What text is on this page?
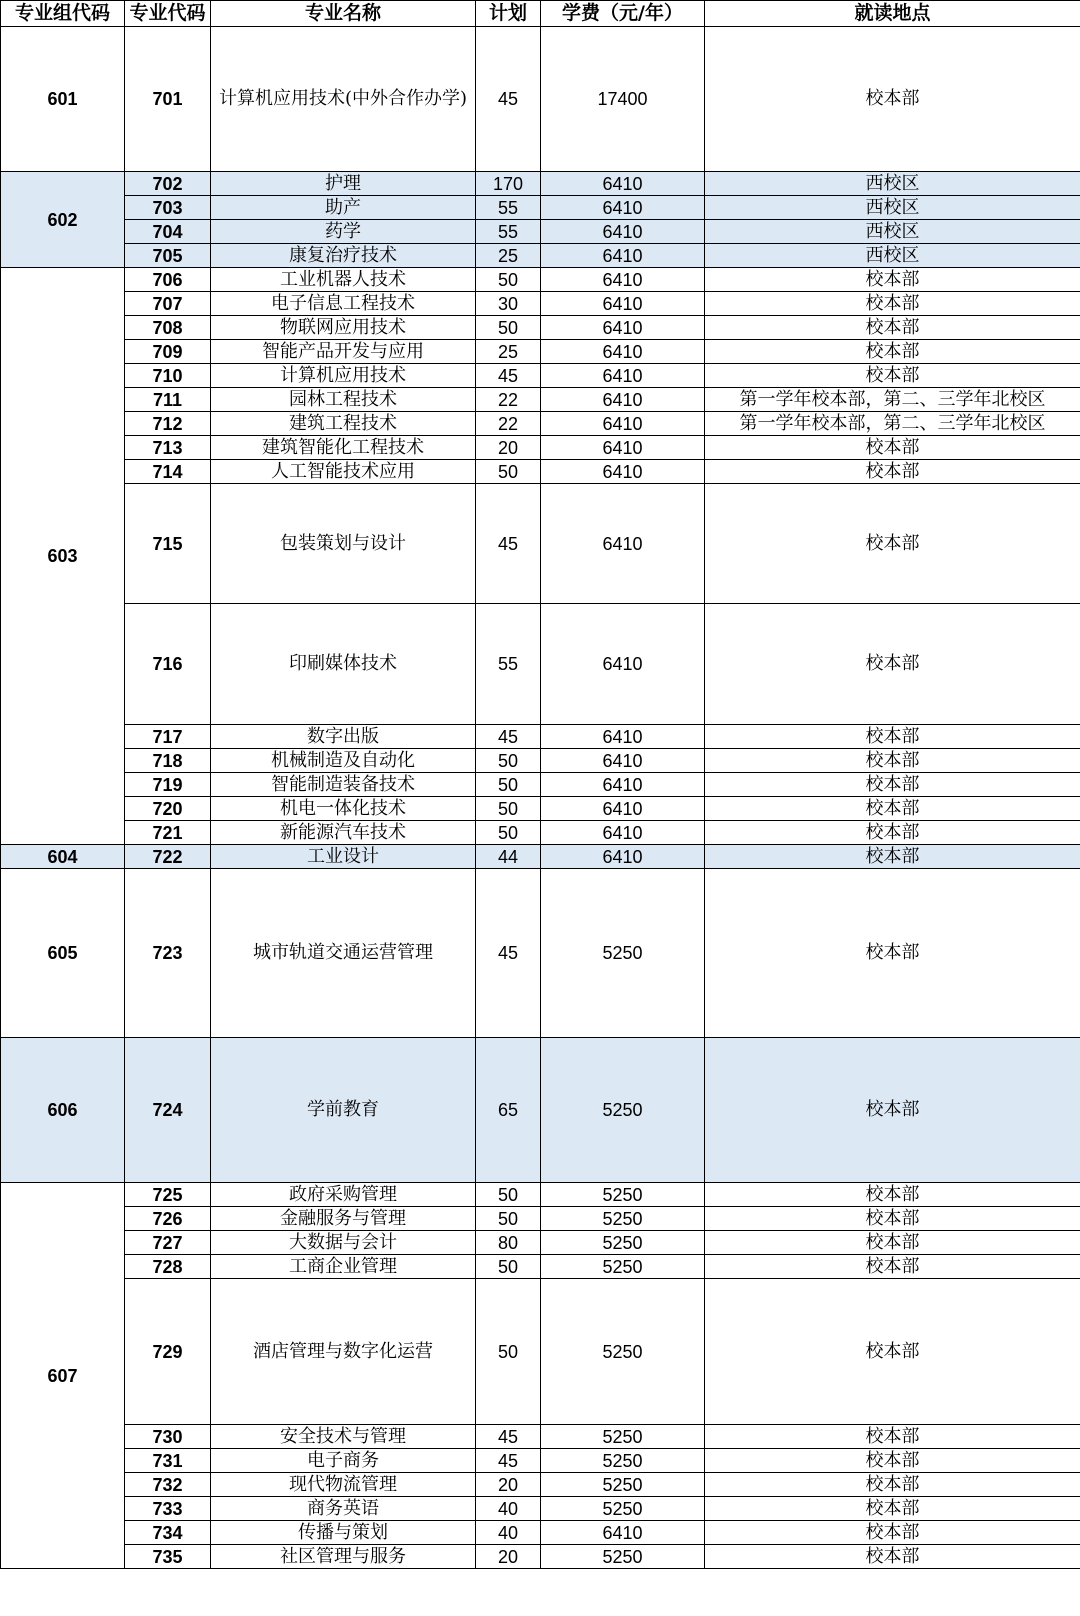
专业组代码	专业代码	专业名称	计划	学费（元/年）	就读地点
601	701	计算机应用技术(中外合作办学)	45	17400	校本部
602	702	护理	170	6410	西校区
	703	助产	55	6410	西校区
	704	药学	55	6410	西校区
	705	康复治疗技术	25	6410	西校区
603	706	工业机器人技术	50	6410	校本部
	707	电子信息工程技术	30	6410	校本部
	708	物联网应用技术	50	6410	校本部
	709	智能产品开发与应用	25	6410	校本部
	710	计算机应用技术	45	6410	校本部
	711	园林工程技术	22	6410	第一学年校本部，第二、三学年北校区
	712	建筑工程技术	22	6410	第一学年校本部，第二、三学年北校区
	713	建筑智能化工程技术	20	6410	校本部
	714	人工智能技术应用	50	6410	校本部
	715	包装策划与设计	45	6410	校本部
	716	印刷媒体技术	55	6410	校本部
	717	数字出版	45	6410	校本部
	718	机械制造及自动化	50	6410	校本部
	719	智能制造装备技术	50	6410	校本部
	720	机电一体化技术	50	6410	校本部
	721	新能源汽车技术	50	6410	校本部
604	722	工业设计	44	6410	校本部
605	723	城市轨道交通运营管理	45	5250	校本部
606	724	学前教育	65	5250	校本部
607	725	政府采购管理	50	5250	校本部
	726	金融服务与管理	50	5250	校本部
	727	大数据与会计	80	5250	校本部
	728	工商企业管理	50	5250	校本部
	729	酒店管理与数字化运营	50	5250	校本部
	730	安全技术与管理	45	5250	校本部
	731	电子商务	45	5250	校本部
	732	现代物流管理	20	5250	校本部
	733	商务英语	40	5250	校本部
	734	传播与策划	40	6410	校本部
	735	社区管理与服务	20	5250	校本部
